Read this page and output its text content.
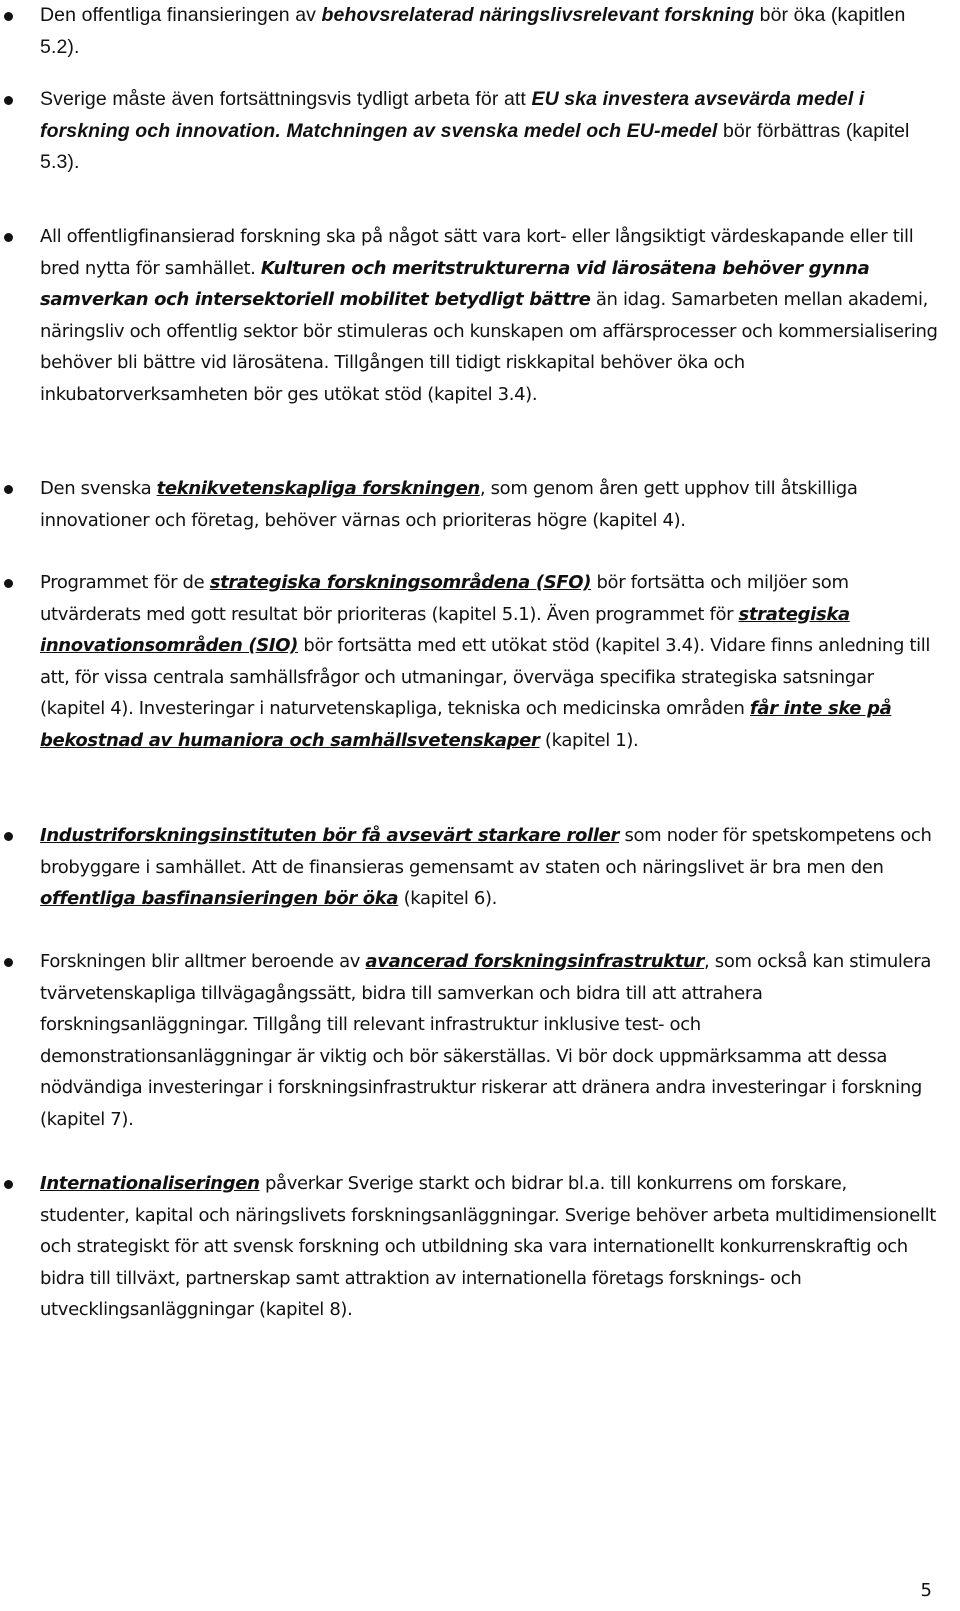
Den offentliga finansieringen av behovsrelaterad näringslivsrelevant forskning bör öka (kapitlen 5.2).
Sverige måste även fortsättningsvis tydligt arbeta för att EU ska investera avsevärda medel i forskning och innovation. Matchningen av svenska medel och EU-medel bör förbättras (kapitel 5.3).
All offentligfinansierad forskning ska på något sätt vara kort- eller långsiktigt värdeskapande eller till bred nytta för samhället. Kulturen och meritstrukturerna vid lärosätena behöver gynna samverkan och intersektoriell mobilitet betydligt bättre än idag. Samarbeten mellan akademi, näringsliv och offentlig sektor bör stimuleras och kunskapen om affärsprocesser och kommersialisering behöver bli bättre vid lärosätena. Tillgången till tidigt riskkapital behöver öka och inkubatorverksamheten bör ges utökat stöd (kapitel 3.4).
Den svenska teknikvetenskapliga forskningen, som genom åren gett upphov till åtskilliga innovationer och företag, behöver värnas och prioriteras högre (kapitel 4).
Programmet för de strategiska forskningsområdena (SFO) bör fortsätta och miljöer som utvärderats med gott resultat bör prioriteras (kapitel 5.1). Även programmet för strategiska innovationsområden (SIO) bör fortsätta med ett utökat stöd (kapitel 3.4). Vidare finns anledning till att, för vissa centrala samhällsfrågor och utmaningar, överväga specifika strategiska satsningar (kapitel 4). Investeringar i naturvetenskapliga, tekniska och medicinska områden får inte ske på bekostnad av humaniora och samhällsvetenskaper (kapitel 1).
Industriforskningsinstituten bör få avsevärt starkare roller som noder för spetskompetens och brobyggare i samhället. Att de finansieras gemensamt av staten och näringslivet är bra men den offentliga basfinansieringen bör öka (kapitel 6).
Forskningen blir alltmer beroende av avancerad forskningsinfrastruktur, som också kan stimulera tvärvetenskapliga tillvägagångssätt, bidra till samverkan och bidra till att attrahera forskningsanläggningar. Tillgång till relevant infrastruktur inklusive test- och demonstrationsanläggningar är viktig och bör säkerställas. Vi bör dock uppmärksamma att dessa nödvändiga investeringar i forskningsinfrastruktur riskerar att dränera andra investeringar i forskning (kapitel 7).
Internationaliseringen påverkar Sverige starkt och bidrar bl.a. till konkurrens om forskare, studenter, kapital och näringslivets forskningsanläggningar. Sverige behöver arbeta multidimensionellt och strategiskt för att svensk forskning och utbildning ska vara internationellt konkurrenskraftig och bidra till tillväxt, partnerskap samt attraktion av internationella företags forsknings- och utvecklingsanläggningar (kapitel 8).
5
